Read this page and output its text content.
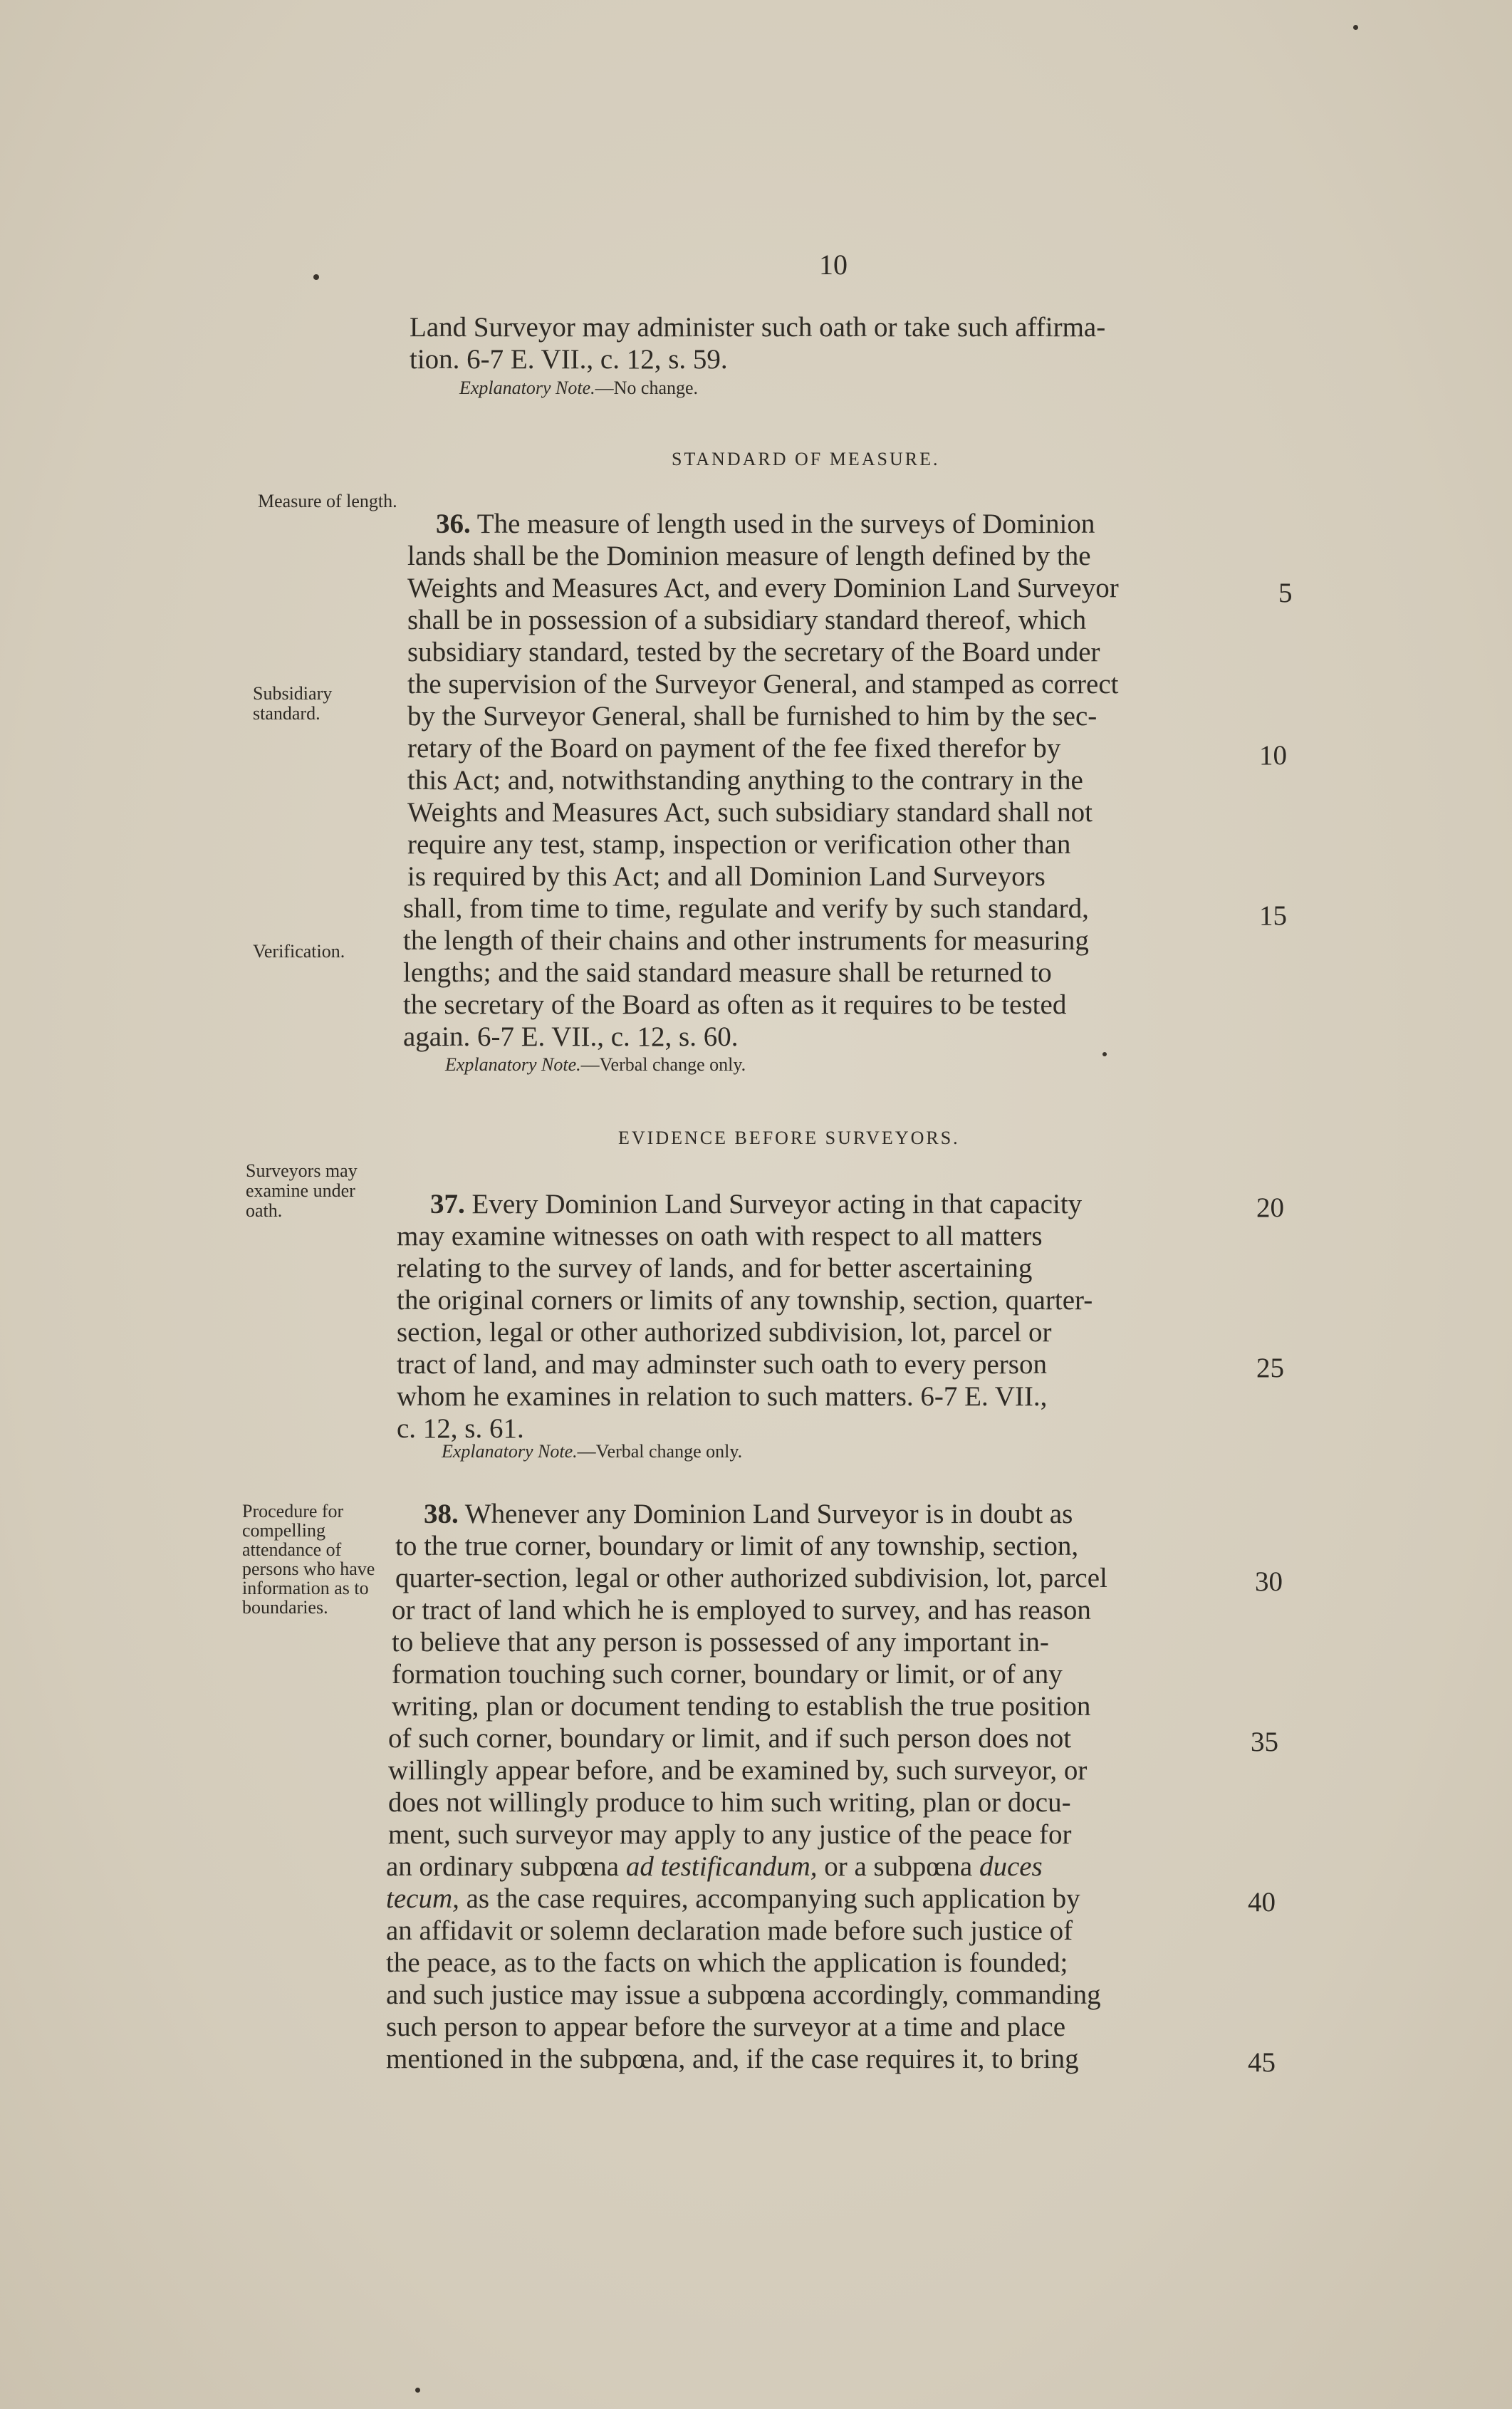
10
Land Surveyor may administer such oath or take such affirma-
tion. 6-7 E. VII., c. 12, s. 59.
Explanatory Note.—No change.
STANDARD OF MEASURE.
Measure of length.
Subsidiary standard.
Verification.
36. The measure of length used in the surveys of Dominion
lands shall be the Dominion measure of length defined by the
Weights and Measures Act, and every Dominion Land Surveyor
shall be in possession of a subsidiary standard thereof, which
subsidiary standard, tested by the secretary of the Board under
the supervision of the Surveyor General, and stamped as correct
by the Surveyor General, shall be furnished to him by the sec-
retary of the Board on payment of the fee fixed therefor by
this Act; and, notwithstanding anything to the contrary in the
Weights and Measures Act, such subsidiary standard shall not
require any test, stamp, inspection or verification other than
is required by this Act; and all Dominion Land Surveyors
shall, from time to time, regulate and verify by such standard,
the length of their chains and other instruments for measuring
lengths; and the said standard measure shall be returned to
the secretary of the Board as often as it requires to be tested
again. 6-7 E. VII., c. 12, s. 60.
Explanatory Note.—Verbal change only.
5
10
15
EVIDENCE BEFORE SURVEYORS.
Surveyors may examine under oath.	37. Every Dominion Land Surveyor acting in that capacity
may examine witnesses on oath with respect to all matters
relating to the survey of lands, and for better ascertaining
the original corners or limits of any township, section, quarter-
section, legal or other authorized subdivision, lot, parcel or
tract of land, and may adminster such oath to every person
whom he examines in relation to such matters. 6-7 E. VII.,
c. 12, s. 61.
Explanatory Note.—Verbal change only.
20
25
Procedure for compelling attendance of persons who have information as to boundaries.
38. Whenever any Dominion Land Surveyor is in doubt as
to the true corner, boundary or limit of any township, section,
quarter-section, legal or other authorized subdivision, lot, parcel
or tract of land which he is employed to survey, and has reason
to believe that any person is possessed of any important in-
formation touching such corner, boundary or limit, or of any
writing, plan or document tending to establish the true position
of such corner, boundary or limit, and if such person does not
willingly appear before, and be examined by, such surveyor, or
does not willingly produce to him such writing, plan or docu-
ment, such surveyor may apply to any justice of the peace for
an ordinary subpœna ad testificandum, or a subpœna duces
tecum, as the case requires, accompanying such application by
an affidavit or solemn declaration made before such justice of
the peace, as to the facts on which the application is founded;
and such justice may issue a subpœna accordingly, commanding
such person to appear before the surveyor at a time and place
mentioned in the subpœna, and, if the case requires it, to bring
30
35
40
45
